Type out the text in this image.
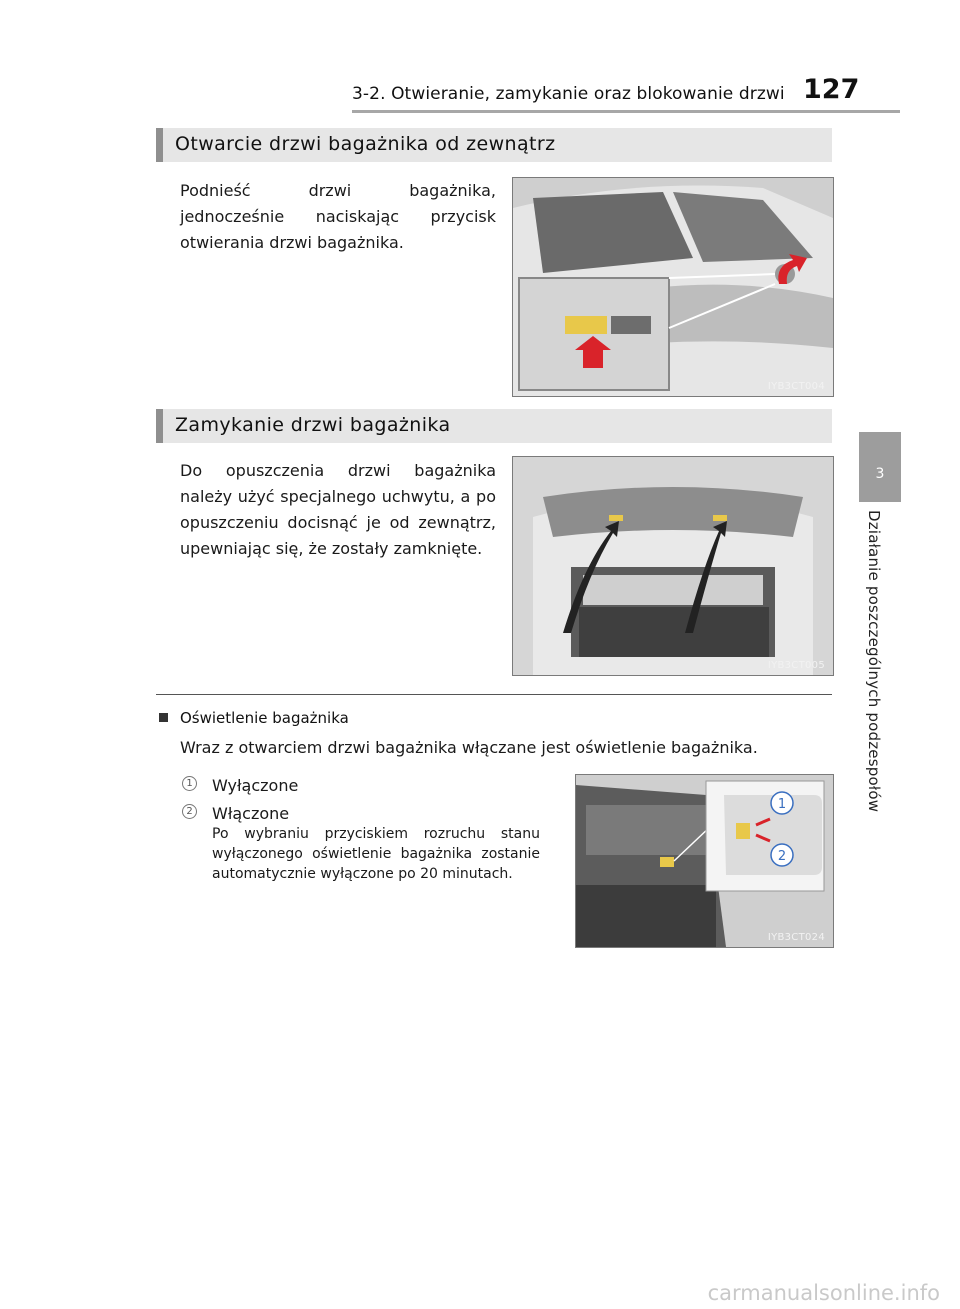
3-2. Otwieranie, zamykanie oraz blokowanie drzwi 127
3
Działanie poszczególnych podzespołów
Otwarcie drzwi bagażnika od zewnątrz
Podnieść drzwi bagażnika, jednocześnie naciskając przycisk otwierania drzwi bagażnika.
IYB3CT004
Zamykanie drzwi bagażnika
Do opuszczenia drzwi bagażnika należy użyć specjalnego uchwytu, a po opuszczeniu docisnąć je od zewnątrz, upewniając się, że zostały zamknięte.
IYB3CT005
Oświetlenie bagażnika
Wraz z otwarciem drzwi bagażnika włączane jest oświetlenie bagażnika.
1 Wyłączone
2 Włączone
Po wybraniu przyciskiem rozruchu stanu wyłączonego oświetlenie bagażnika zostanie automatycznie wyłączone po 20 minutach.
1
2
IYB3CT024
carmanualsonline.info
